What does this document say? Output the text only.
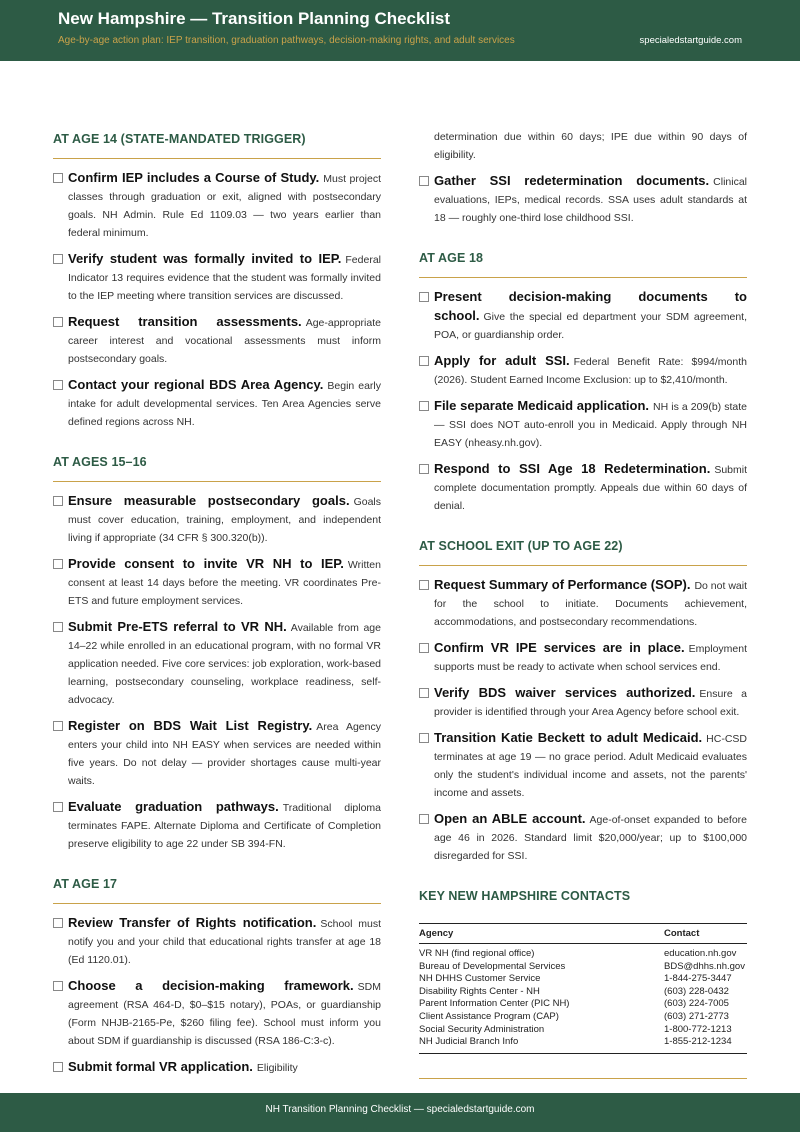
New Hampshire — Transition Planning Checklist
Age-by-age action plan: IEP transition, graduation pathways, decision-making rights, and adult services	specialedstartguide.com
AT AGE 14 (STATE-MANDATED TRIGGER)
Confirm IEP includes a Course of Study. Must project classes through graduation or exit, aligned with postsecondary goals. NH Admin. Rule Ed 1109.03 — two years earlier than federal minimum.
Verify student was formally invited to IEP. Federal Indicator 13 requires evidence that the student was formally invited to the IEP meeting where transition services are discussed.
Request transition assessments. Age-appropriate career interest and vocational assessments must inform postsecondary goals.
Contact your regional BDS Area Agency. Begin early intake for adult developmental services. Ten Area Agencies serve defined regions across NH.
AT AGES 15–16
Ensure measurable postsecondary goals. Goals must cover education, training, employment, and independent living if appropriate (34 CFR § 300.320(b)).
Provide consent to invite VR NH to IEP. Written consent at least 14 days before the meeting. VR coordinates Pre-ETS and future employment services.
Submit Pre-ETS referral to VR NH. Available from age 14–22 while enrolled in an educational program, with no formal VR application needed. Five core services: job exploration, work-based learning, postsecondary counseling, workplace readiness, self-advocacy.
Register on BDS Wait List Registry. Area Agency enters your child into NH EASY when services are needed within five years. Do not delay — provider shortages cause multi-year waits.
Evaluate graduation pathways. Traditional diploma terminates FAPE. Alternate Diploma and Certificate of Completion preserve eligibility to age 22 under SB 394-FN.
AT AGE 17
Review Transfer of Rights notification. School must notify you and your child that educational rights transfer at age 18 (Ed 1120.01).
Choose a decision-making framework. SDM agreement (RSA 464-D, $0–$15 notary), POAs, or guardianship (Form NHJB-2165-Pe, $260 filing fee). School must inform you about SDM if guardianship is discussed (RSA 186-C:3-c).
Submit formal VR application. Eligibility
determination due within 60 days; IPE due within 90 days of eligibility.
Gather SSI redetermination documents. Clinical evaluations, IEPs, medical records. SSA uses adult standards at 18 — roughly one-third lose childhood SSI.
AT AGE 18
Present decision-making documents to school. Give the special ed department your SDM agreement, POA, or guardianship order.
Apply for adult SSI. Federal Benefit Rate: $994/month (2026). Student Earned Income Exclusion: up to $2,410/month.
File separate Medicaid application. NH is a 209(b) state — SSI does NOT auto-enroll you in Medicaid. Apply through NH EASY (nheasy.nh.gov).
Respond to SSI Age 18 Redetermination. Submit complete documentation promptly. Appeals due within 60 days of denial.
AT SCHOOL EXIT (UP TO AGE 22)
Request Summary of Performance (SOP). Do not wait for the school to initiate. Documents achievement, accommodations, and postsecondary recommendations.
Confirm VR IPE services are in place. Employment supports must be ready to activate when school services end.
Verify BDS waiver services authorized. Ensure a provider is identified through your Area Agency before school exit.
Transition Katie Beckett to adult Medicaid. HC-CSD terminates at age 19 — no grace period. Adult Medicaid evaluates only the student's individual income and assets, not the parents' income and assets.
Open an ABLE account. Age-of-onset expanded to before age 46 in 2026. Standard limit $20,000/year; up to $100,000 disregarded for SSI.
KEY NEW HAMPSHIRE CONTACTS
Agency	Contact
VR NH (find regional office)	education.nh.gov
Bureau of Developmental Services	BDS@dhhs.nh.gov
NH DHHS Customer Service	1-844-275-3447
Disability Rights Center - NH	(603) 228-0432
Parent Information Center (PIC NH)	(603) 224-7005
Client Assistance Program (CAP)	(603) 271-2773
Social Security Administration	1-800-772-1213
NH Judicial Branch Info	1-855-212-1234
NH Transition Planning Checklist — specialedstartguide.com
